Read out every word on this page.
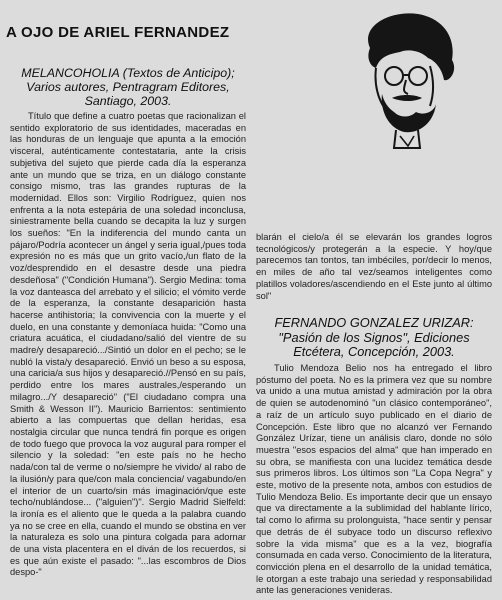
A OJO DE ARIEL FERNANDEZ
MELANCOHOLIA (Textos de Anticipo); Varios autores, Pentragram Editores, Santiago, 2003.

Título que define a cuatro poetas que racionalizan el sentido exploratorio de sus identidades, maceradas en las honduras de un lenguaje que apunta a la emoción visceral, auténticamente contestataria, ante la crisis subjetiva del sujeto que pierde cada día la esperanza ante un mundo que se triza, en un diálogo constante consigo mismo, tras las grandes rupturas de la modernidad. Ellos son: Virgilio Rodríguez, quien nos enfrenta a la nota estepária de una soledad inconclusa, siniestramente bella cuando se decapita la luz y surgen los sueños: "En la indiferencia del mundo canta un pájaro/Podría acontecer un ángel y seria igual,/pues toda expresión no es más que un grito vacío,/un flato de la voz/desprendido en el desastre desde una piedra desdeñosa" ("Condición Humana"). Sergio Medina: toma la voz danteasca del arrebato y el silicio; el vómito verde de la esperanza, la constante desaparición hasta hacerse antihistoria; la convivencia con la muerte y el duelo, en una constante y demoníaca huida: "Como una criatura acuática, el ciudadano/salió del vientre de su madre/y desapareció.../Sintió un dolor en el pecho; se le nubló la vista/y desapareció. Envió un beso a su esposa, una caricia/a sus hijos y desapareció.//Pensó en su país, perdido entre los mares australes,/esperando un milagro.../Y desapareció" ("El ciudadano compra una Smith & Wesson II"). Mauricio Barrientos: sentimiento abierto a las compuertas que dellan heridas, esa nostalgia circular que nunca tendrá fin porque es origen de todo fuego que provoca la voz augural para romper el silencio y la soledad: "en este país no he hecho nada/con tal de verme o no/siempre he vivido/ al rabo de la ilusión/y para que/con mala conciencia/ vagabundo/en el interior de un cuarto/sin más imaginación/que este techo/nublándose... ("alguien")". Sergio Madrid Sielfeld: la ironía es el aliento que le queda a la palabra cuando ya no se cree en ella, cuando el mundo se obstina en ver la naturaleza es solo una pintura colgada para adornar de una vista placentera en el diván de los recuerdos, si es que aún existe el pasado: "...las escombros de Dios despo-"

blarán el cielo/a él se elevarán los grandes logros tecnológicos/y protegerán a la especie. Y hoy/que parecemos tan tontos, tan imbéciles, por/decir lo menos, en miles de año tal vez/seamos inteligentes como platillos voladores/ascendiendo en el Este junto al último sol"

FERNANDO GONZALEZ URIZAR: "Pasión de los Signos", Ediciones Etcétera, Concepción, 2003.

Tulio Mendoza Belio nos ha entregado el libro póstumo del poeta. No es la primera vez que su nombre va unido a una mutua amistad y admiración por la obra de quien se autodenominó "un clásico contemporáneo", a raíz de un artículo suyo publicado en el diario de Concepción. Este libro que no alcanzó ver Fernando González Urízar, tiene un análisis claro, donde no sólo muestra "esos espacios del alma" que han imperado en su obra, se manifiesta con una lucidez temática desde sus primeros libros. Los últimos son "La Copa Negra" y este, motivo de la presente nota, ambos con estudios de Tulio Mendoza Belio. Es importante decir que un ensayo que va directamente a la sublimidad del hablante lírico, tal como lo afirma su prolonguista, "hace sentir y pensar que detrás de él subyace todo un discurso reflexivo sobre la vida misma" que es a la vez, biografía consumada en cada verso. Conocimiento de la literatura, convicción plena en el desarrollo de la unidad temática, le otorgan a este trabajo una seriedad y responsabilidad ante las generaciones venideras.
